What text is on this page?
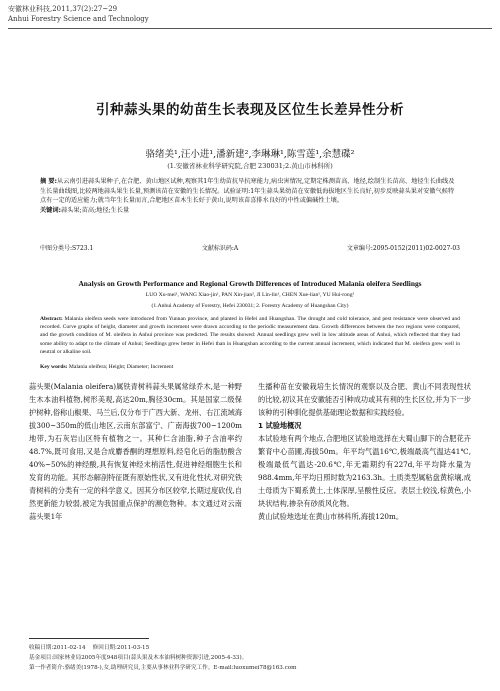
安徽林业科技,2011,37(2):27~29
Anhui Forestry Science and Technology
引种蒜头果的幼苗生长表现及区位生长差异性分析
骆绪美¹,汪小进¹,潘新建²,李琳琳¹,陈雪莲¹,余慧碟²
(1.安徽省林业科学研究院,合肥 230031;2.黄山市林科所)
摘 要:从云南引进蒜头果种子,在合肥、黄山地区试种,观察其1年生幼苗抗旱抗寒能力,病虫害情况,定期定株测苗高、地径,绘制生长苗高、地径生长曲线及生长量曲线图,比较两地蒜头果生长量,预测该苗在安徽的生长情况。试验证明:1年生蒜头果幼苗在安徽低海拔地区生长良好,初步反映蒜头果对安徽气候特点有一定的适应能力;就当年生长量而言,合肥地区苗木生长好于黄山,说明该苗喜排水良好的中性或偏碱性土壤。
关键词:蒜头果;苗高;地径;生长量
中图分类号:S723.1	文献标识码:A	文章编号:2095-0152(2011)02-0027-03
Analysis on Growth Performance and Regional Growth Differences of Introduced Malania oleifera Seedlings
LUO Xu-mei¹, WANG Xiao-jin¹, PAN Xin-jian², JI Lin-lin¹, CHEN Xue-lian¹, YU Hui-rong²
(1.Anhui Academy of Forestry, Hefei 230031; 2. Forestry Academy of Huangshan City)
Abstract: Malania oleifera seeds were introduced from Yunnan province, and planted in Hefei and Huangshan. The drought and cold tolerance, and pest resistance were observed and recorded. Curve graphs of height, diameter and growth increment were drawn according to the periodic measurement data. Growth differences between the two regions were compared, and the growth condition of M. oleifera in Anhui province was predicted. The results showed: Annual seedlings grew well in low altitude areas of Anhui, which reflected that they had some ability to adapt to the climate of Anhui; Seedlings grew better in Hefei than in Huangshan according to the current annual increment, which indicated that M. oleifera grew well in neutral or alkaline soil.
Key words: Malania oleifera; Height; Diameter; Increment
蒜头果(Malania oleifera)属铁青树科蒜头果属常绿乔木,是一种野生木本油料植物,树形美观,高达20m,胸径30cm。其是国家二级保护树种,俗称山椒果、马兰后,仅分布于广西大新、龙州、右江流域海拔300~350m的低山地区,云南东部富宁、广南海拔700~1200m地带,为石灰岩山区特有植物之一。其种仁含油脂,种子含油率约48.7%,既可食用,又是合成麝香酮的理想原料,经皂化后的脂肪酸含40%~50%的神经酸,具有恢复神经末梢活性,促进神经细胞生长和发育的功能。其形态解剖特征既有原始性状,又有进化性状,对研究铁青树科的分类有一定的科学意义。因其分布区较窄,长期过度砍伐,自然更新能力较弱,被定为我国重点保护的濒危物种。本文通过对云南蒜头果1年
生播种苗在安徽栽培生长情况的观察以及合肥、黄山不同表现性状的比较,初议其在安徽能否引种成功或其有利的生长区位,并为下一步该种的引种驯化提供基础理论数据和实践经验。
1 试验地概况
本试验地有两个地点,合肥地区试验地选择在大蜀山脚下的合肥花卉繁育中心苗圃,海拔50m。年平均气温16℃,极端最高气温达41℃,极端最低气温达-20.6℃,年无霜期约有227d,年平均降水量为988.4mm,年平均日照时数为2163.3h。土质类型属粘盘黄棕壤,成土母质为下蜀系黄土,土体深厚,呈酸性反应。表层土较浅,棕黄色,小块状结构,掺杂有砂质风化物。
黄山试验地选址在黄山市林科所,海拔120m。
收稿日期:2011-02-14 修回日期:2011-03-15
基金项目:国家林业局2005年度948项目(蒜头果及木本油料树种资源引进,2005-4-33)。
第一作者简介:骆绪美(1978-),女,助理研究员,主要从事林业科学研究工作。E-mail:luoxumei78@163.com
